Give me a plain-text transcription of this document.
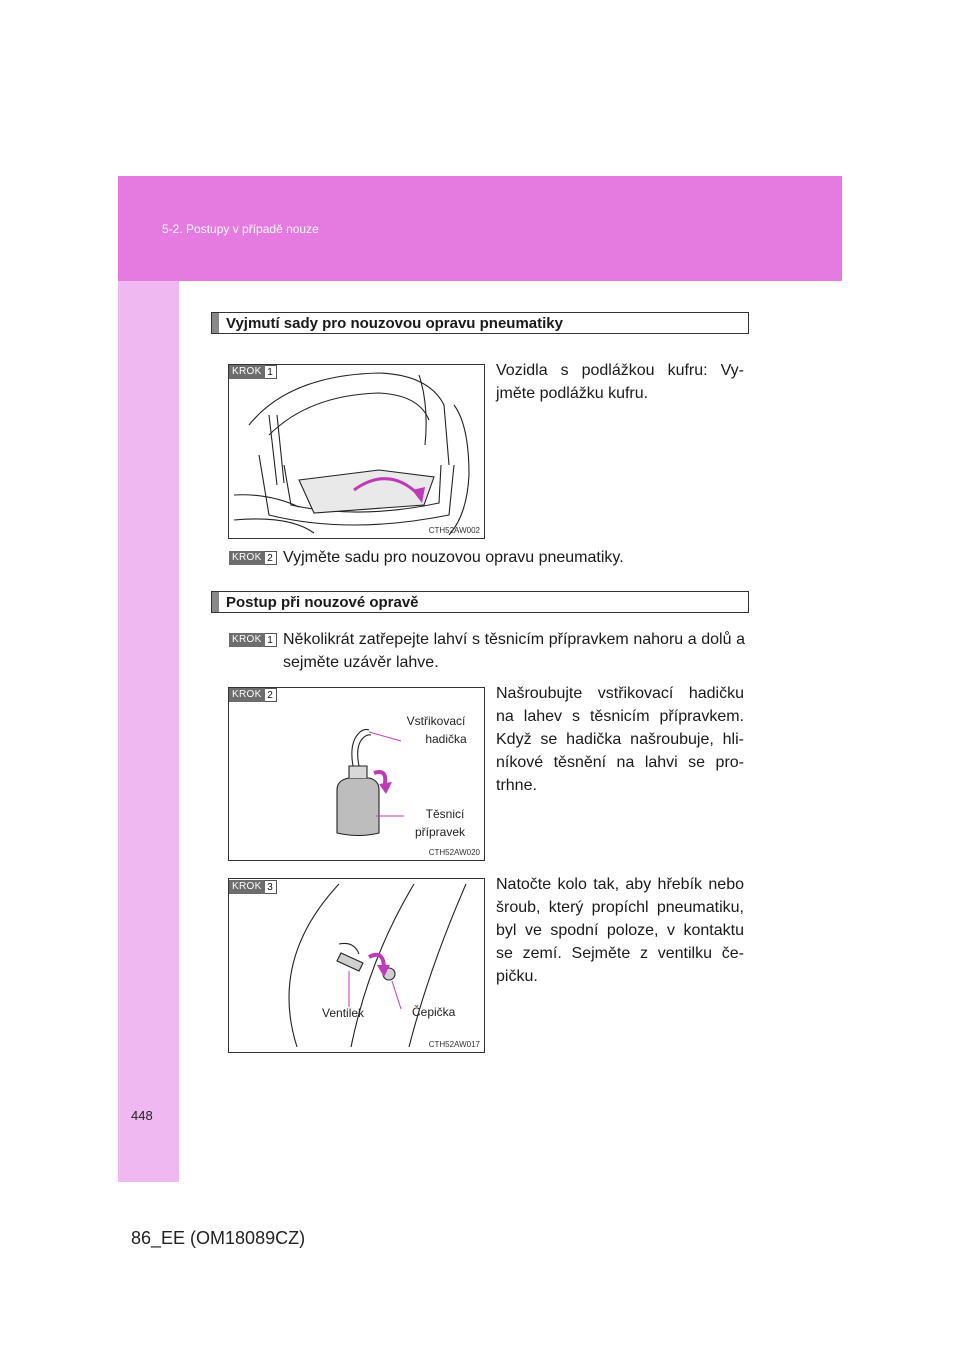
5-2. Postupy v případě nouze
Vyjmutí sady pro nouzovou opravu pneumatiky
CTH52AW002
KROK 1	Vozidla s podlážkou kufru: Vy-jměte podlážku kufru.
KROK 2 Vyjměte sadu pro nouzovou opravu pneumatiky.
Postup při nouzové opravě
KROK 1 Několikrát zatřepejte lahví s těsnicím přípravkem nahoru a dolů a sejměte uzávěr lahve.
CTH52AW020
KROK 2
Vstřikovací
hadička
Těsnicí
přípravek
Našroubujte vstřikovací hadičku na lahev s těsnicím přípravkem. Když se hadička našroubuje, hli-níkové těsnění na lahvi se pro-trhne.
CTH52AW017
KROK 3
Ventilek	Čepička
Natočte kolo tak, aby hřebík nebo šroub, který propíchl pneumatiku, byl ve spodní poloze, v kontaktu se zemí. Sejměte z ventilku če-pičku.
448
86_EE (OM18089CZ)
